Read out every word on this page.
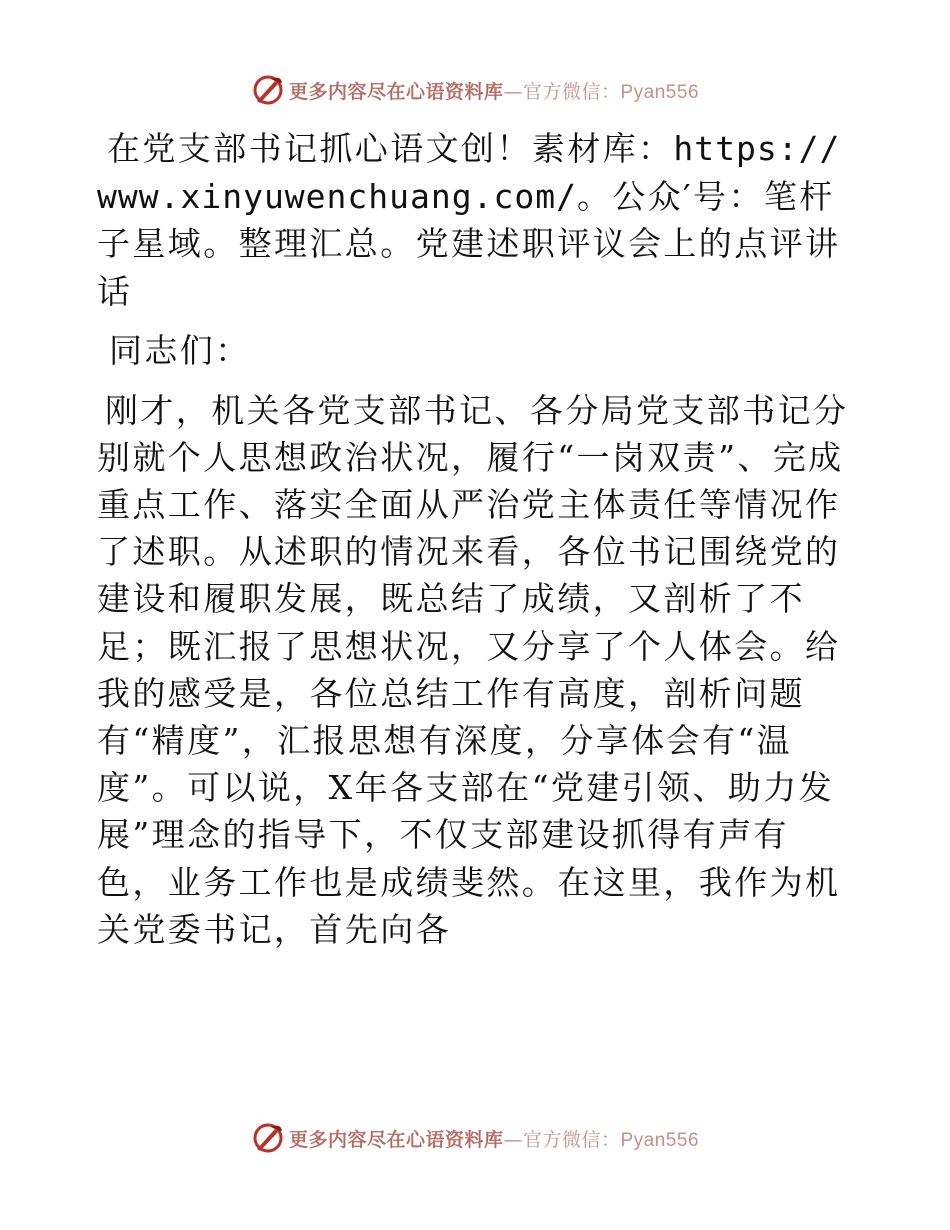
更多内容尽在心语资料库—官方微信：Pyan556

在党支部书记抓心语文创！素材库：https://www.xinyuwenchuang.com/。公众′号：笔杆子星域。整理汇总。党建述职评议会上的点评讲话

同志们：

刚才，机关各党支部书记、各分局党支部书记分别就个人思想政治状况，履行“一岗双责”、完成重点工作、落实全面从严治党主体责任等情况作了述职。从述职的情况来看，各位书记围绕党的建设和履职发展，既总结了成绩，又剖析了不足；既汇报了思想状况，又分享了个人体会。给我的感受是，各位总结工作有高度，剖析问题有“精度”，汇报思想有深度，分享体会有“温度”。可以说，X年各支部在“党建引领、助力发展”理念的指导下，不仅支部建设抓得有声有色，业务工作也是成绩斐然。在这里，我作为机关党委书记，首先向各

更多内容尽在心语资料库—官方微信：Pyan556
